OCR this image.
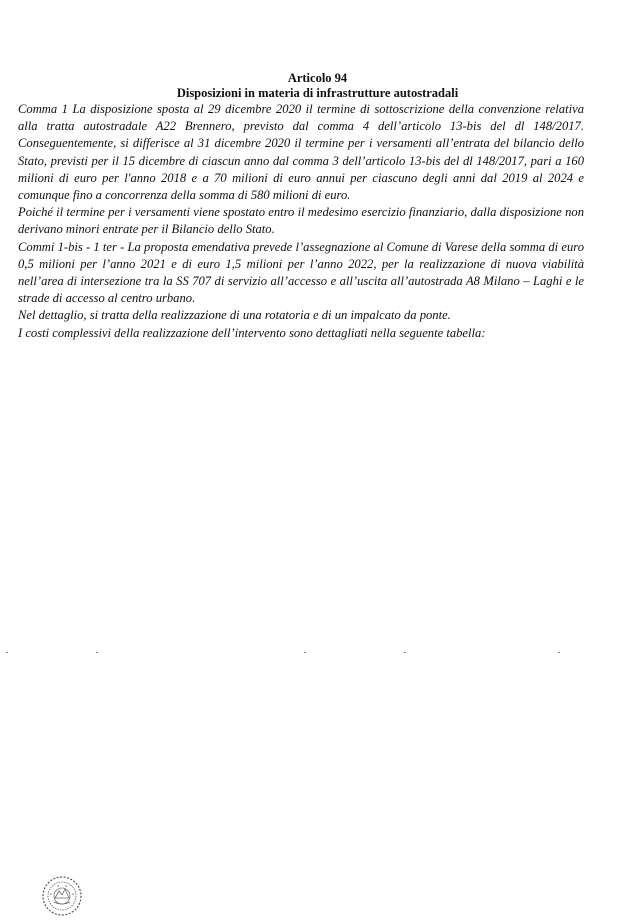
Articolo 94
Disposizioni in materia di infrastrutture autostradali

Comma 1 La disposizione sposta al 29 dicembre 2020 il termine di sottoscrizione della convenzione relativa alla tratta autostradale A22 Brennero, previsto dal comma 4 dell’articolo 13-bis del dl 148/2017. Conseguentemente, si differisce al 31 dicembre 2020 il termine per i versamenti all’entrata del bilancio dello Stato, previsti per il 15 dicembre di ciascun anno dal comma 3 dell’articolo 13-bis del dl 148/2017, pari a 160 milioni di euro per l'anno 2018 e a 70 milioni di euro annui per ciascuno degli anni dal 2019 al 2024 e comunque fino a concorrenza della somma di 580 milioni di euro.

Poiché il termine per i versamenti viene spostato entro il medesimo esercizio finanziario, dalla disposizione non derivano minori entrate per il Bilancio dello Stato.

Commi 1-bis - 1 ter - La proposta emendativa prevede l’assegnazione al Comune di Varese della somma di euro 0,5 milioni per l’anno 2021 e di euro 1,5 milioni per l’anno 2022, per la realizzazione di nuova viabilità nell’area di intersezione tra la SS 707 di servizio all’accesso e all’uscita all’autostrada A8 Milano – Laghi e le strade di accesso al centro urbano.

Nel dettaglio, si tratta della realizzazione di una rotatoria e di un impalcato da ponte.

I costi complessivi della realizzazione dell’intervento sono dettagliati nella seguente tabella:
